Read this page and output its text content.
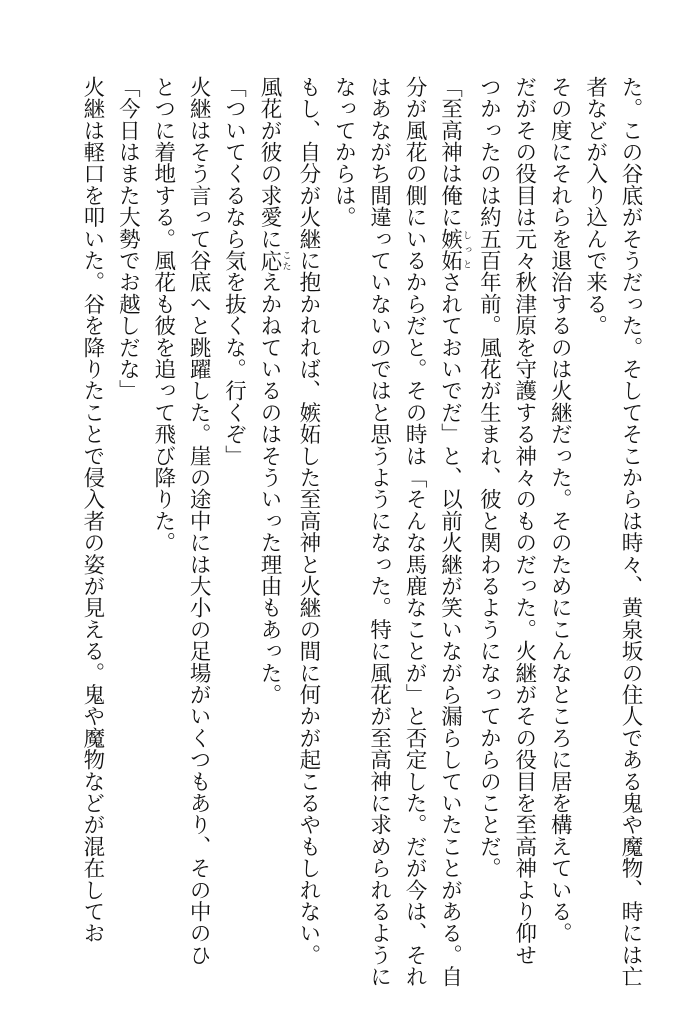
た。この谷底がそうだった。そしてそこからは時々、黄泉坂の住人である鬼や魔物、時には亡
者などが入り込んで来る。
その度にそれらを退治するのは火継だった。そのためにこんなところに居を構えている。
だがその役目は元々秋津原を守護する神々のものだった。火継がその役目を至高神より仰せ
つかったのは約五百年前。風花が生まれ、彼と関わるようになってからのことだ。
「至高神は俺に嫉妬しっとされておいでだ」と、以前火継が笑いながら漏らしていたことがある。自
分が風花の側にいるからだと。その時は「そんな馬鹿なことが」と否定した。だが今は、それ
はあながち間違っていないのではと思うようになった。特に風花が至高神に求められるように
なってからは。
もし、自分が火継に抱かれれば、嫉妬した至高神と火継の間に何かが起こるやもしれない。
風花が彼の求愛に応こたえかねているのはそういった理由もあった。
「ついてくるなら気を抜くな。行くぞ」
火継はそう言って谷底へと跳躍した。崖の途中には大小の足場がいくつもあり、その中のひ
とつに着地する。風花も彼を追って飛び降りた。
「今日はまた大勢でお越しだな」
火継は軽口を叩いた。谷を降りたことで侵入者の姿が見える。鬼や魔物などが混在してお
